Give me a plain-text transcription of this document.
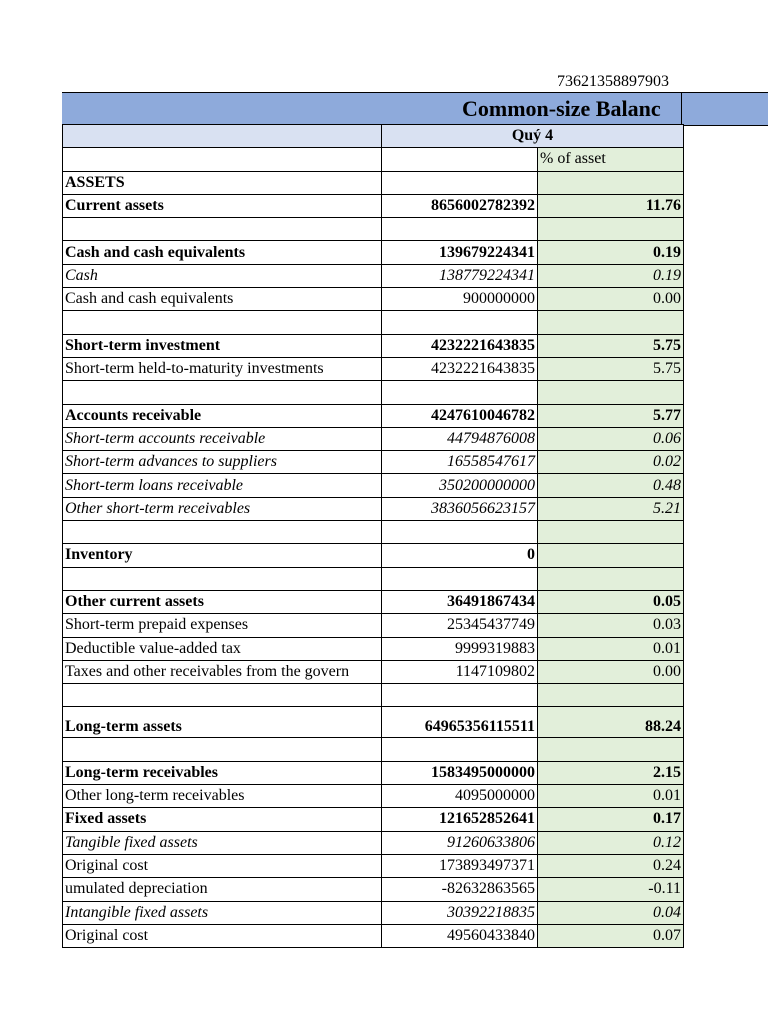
73621358897903
Common-size Balanc
	Quý 4	
		% of asset
ASSETS		
Current assets	8656002782392	11.76

Cash and cash equivalents	139679224341	0.19
Cash	138779224341	0.19
Cash and cash equivalents	900000000	0.00

Short-term investment	4232221643835	5.75
Short-term held-to-maturity investments	4232221643835	5.75

Accounts receivable	4247610046782	5.77
Short-term accounts receivable	44794876008	0.06
Short-term advances to suppliers	16558547617	0.02
Short-term loans receivable	350200000000	0.48
Other short-term receivables	3836056623157	5.21

Inventory	0	

Other current assets	36491867434	0.05
Short-term prepaid expenses	25345437749	0.03
Deductible value-added tax	9999319883	0.01
Taxes and other receivables from the govern	1147109802	0.00

Long-term assets	64965356115511	88.24

Long-term receivables	1583495000000	2.15
Other long-term receivables	4095000000	0.01
Fixed assets	121652852641	0.17
Tangible fixed assets	91260633806	0.12
Original cost	173893497371	0.24
umulated depreciation	-82632863565	-0.11
Intangible fixed assets	30392218835	0.04
Original cost	49560433840	0.07
